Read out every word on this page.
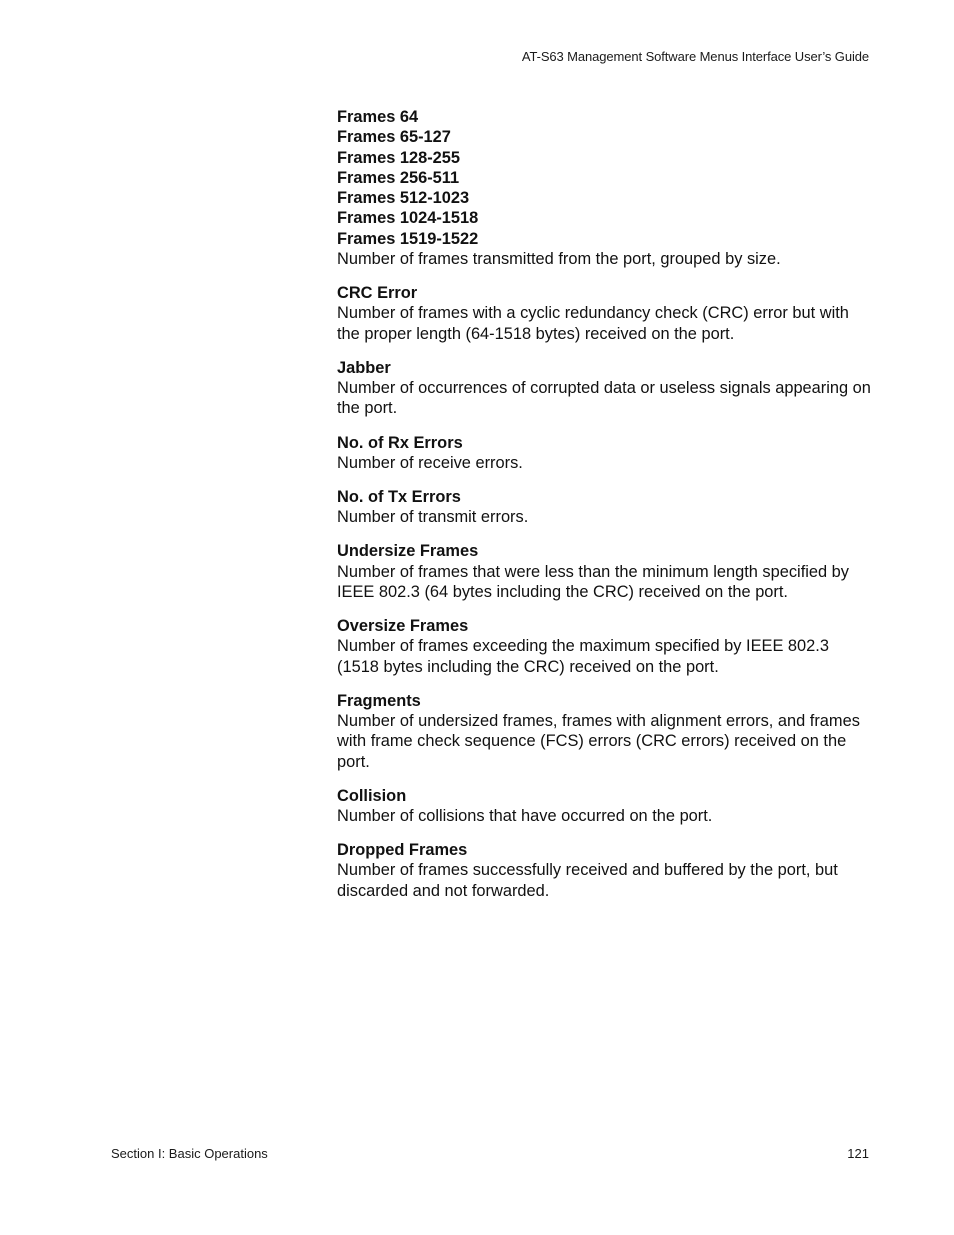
AT-S63 Management Software Menus Interface User’s Guide
Frames 64
Frames 65-127
Frames 128-255
Frames 256-511
Frames 512-1023
Frames 1024-1518
Frames 1519-1522
Number of frames transmitted from the port, grouped by size.
CRC Error
Number of frames with a cyclic redundancy check (CRC) error but with the proper length (64-1518 bytes) received on the port.
Jabber
Number of occurrences of corrupted data or useless signals appearing on the port.
No. of Rx Errors
Number of receive errors.
No. of Tx Errors
Number of transmit errors.
Undersize Frames
Number of frames that were less than the minimum length specified by IEEE 802.3 (64 bytes including the CRC) received on the port.
Oversize Frames
Number of frames exceeding the maximum specified by IEEE 802.3 (1518 bytes including the CRC) received on the port.
Fragments
Number of undersized frames, frames with alignment errors, and frames with frame check sequence (FCS) errors (CRC errors) received on the port.
Collision
Number of collisions that have occurred on the port.
Dropped Frames
Number of frames successfully received and buffered by the port, but discarded and not forwarded.
Section I: Basic Operations	121
